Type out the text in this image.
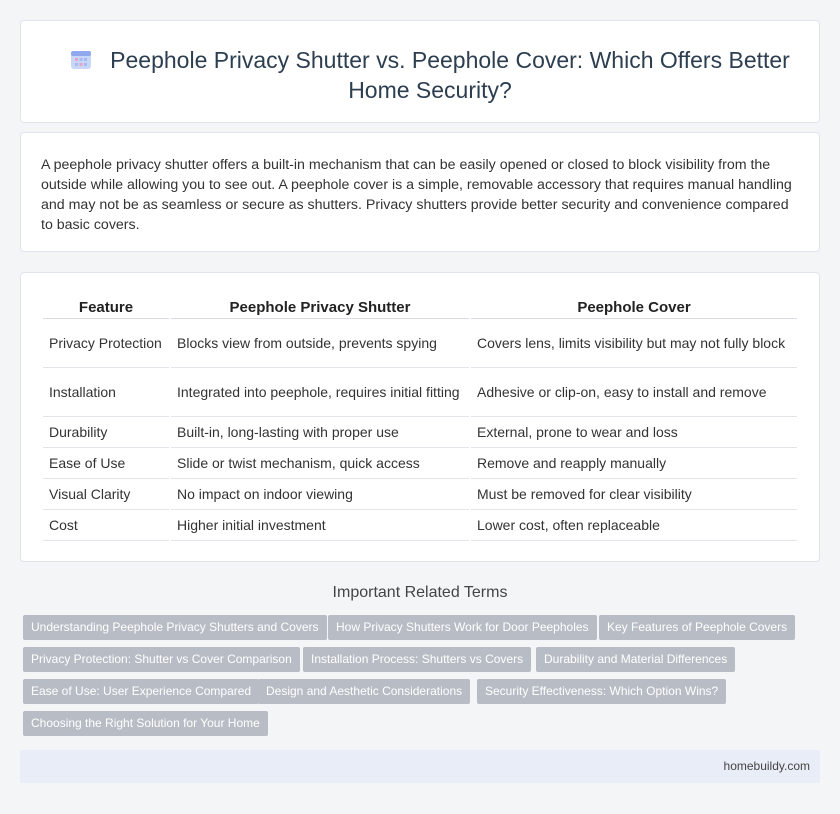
Peephole Privacy Shutter vs. Peephole Cover: Which Offers Better Home Security?

A peephole privacy shutter offers a built-in mechanism that can be easily opened or closed to block visibility from the outside while allowing you to see out. A peephole cover is a simple, removable accessory that requires manual handling and may not be as seamless or secure as shutters. Privacy shutters provide better security and convenience compared to basic covers.

Feature	Peephole Privacy Shutter	Peephole Cover
Privacy Protection	Blocks view from outside, prevents spying	Covers lens, limits visibility but may not fully block
Installation	Integrated into peephole, requires initial fitting	Adhesive or clip-on, easy to install and remove
Durability	Built-in, long-lasting with proper use	External, prone to wear and loss
Ease of Use	Slide or twist mechanism, quick access	Remove and reapply manually
Visual Clarity	No impact on indoor viewing	Must be removed for clear visibility
Cost	Higher initial investment	Lower cost, often replaceable
Important Related Terms
Understanding Peephole Privacy Shutters and Covers	How Privacy Shutters Work for Door Peepholes	Key Features of Peephole Covers
Privacy Protection: Shutter vs Cover Comparison	Installation Process: Shutters vs Covers	Durability and Material Differences
Ease of Use: User Experience Compared	Design and Aesthetic Considerations	Security Effectiveness: Which Option Wins?
Choosing the Right Solution for Your Home
homebuildy.com
